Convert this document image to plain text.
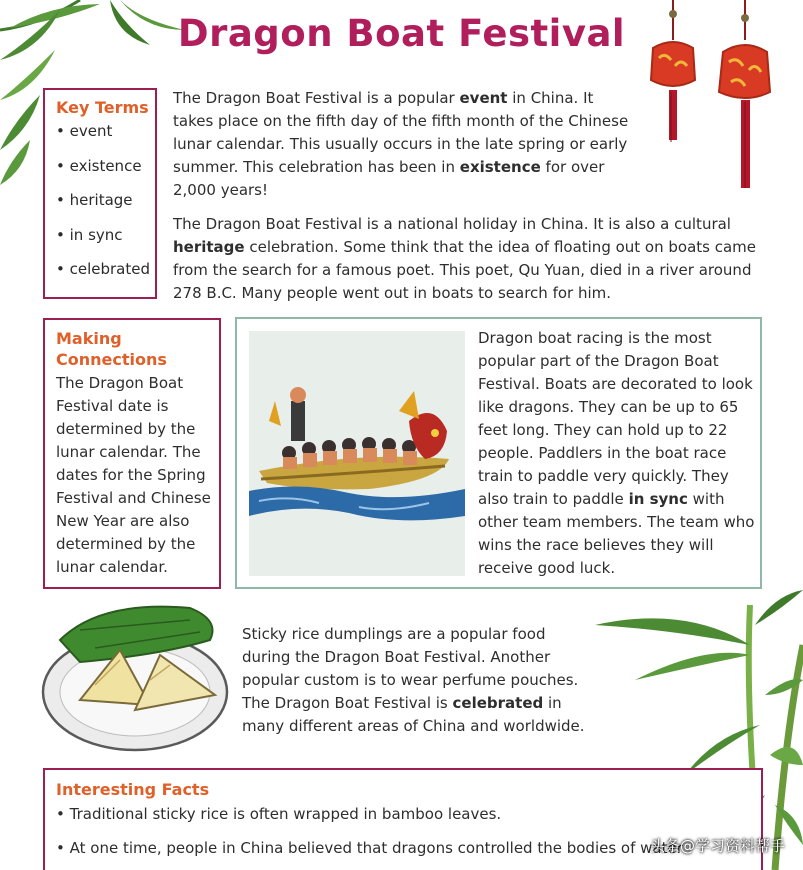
Dragon Boat Festival
Key Terms
• event
• existence
• heritage
• in sync
• celebrated
The Dragon Boat Festival is a popular event in China. It takes place on the fifth day of the fifth month of the Chinese lunar calendar. This usually occurs in the late spring or early summer. This celebration has been in existence for over 2,000 years!
The Dragon Boat Festival is a national holiday in China. It is also a cultural heritage celebration. Some think that the idea of floating out on boats came from the search for a famous poet. This poet, Qu Yuan, died in a river around 278 B.C. Many people went out in boats to search for him.
Making Connections
The Dragon Boat Festival date is determined by the lunar calendar. The dates for the Spring Festival and Chinese New Year are also determined by the lunar calendar.
Dragon boat racing is the most popular part of the Dragon Boat Festival. Boats are decorated to look like dragons. They can be up to 65 feet long. They can hold up to 22 people. Paddlers in the boat race train to paddle very quickly. They also train to paddle in sync with other team members. The team who wins the race believes they will receive good luck.
Sticky rice dumplings are a popular food during the Dragon Boat Festival. Another popular custom is to wear perfume pouches. The Dragon Boat Festival is celebrated in many different areas of China and worldwide.
Interesting Facts
• Traditional sticky rice is often wrapped in bamboo leaves.
• At one time, people in China believed that dragons controlled the bodies of water
头条@学习资料帮手
